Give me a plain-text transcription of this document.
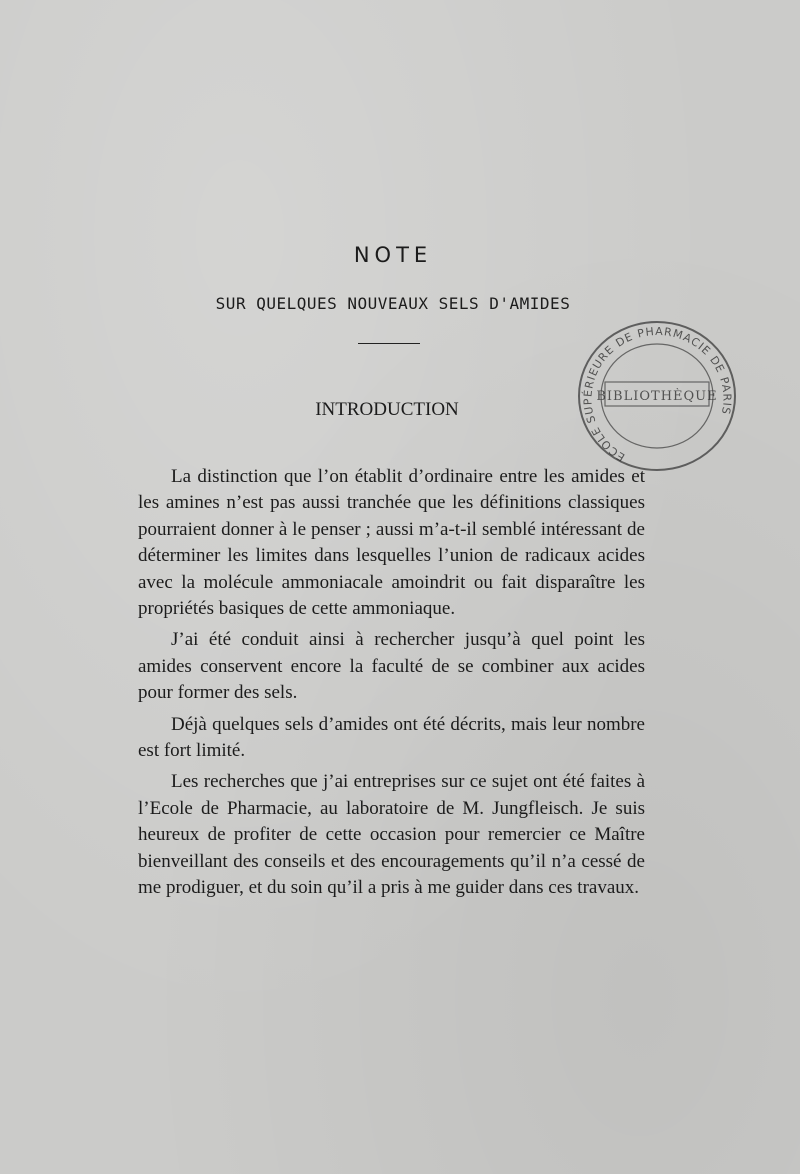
NOTE
SUR QUELQUES NOUVEAUX SELS D'AMIDES
INTRODUCTION

La distinction que l’on établit d’ordinaire entre les amides et les amines n’est pas aussi tranchée que les définitions classiques pourraient donner à le penser ; aussi m’a-t-il semblé intéressant de déterminer les limites dans lesquelles l’union de radicaux acides avec la molécule ammoniacale amoindrit ou fait disparaître les propriétés basiques de cette ammoniaque.

J’ai été conduit ainsi à rechercher jusqu’à quel point les amides conservent encore la faculté de se combiner aux acides pour former des sels.

Déjà quelques sels d’amides ont été décrits, mais leur nombre est fort limité.

Les recherches que j’ai entreprises sur ce sujet ont été faites à l’Ecole de Pharmacie, au laboratoire de M. Jungfleisch. Je suis heureux de profiter de cette occasion pour remercier ce Maître bienveillant des conseils et des encouragements qu’il n’a cessé de me prodiguer, et du soin qu’il a pris à me guider dans ces travaux.

ECOLE SUPÉRIEURE DE PHARMACIE DE PARIS
BIBLIOTHÈQUE
